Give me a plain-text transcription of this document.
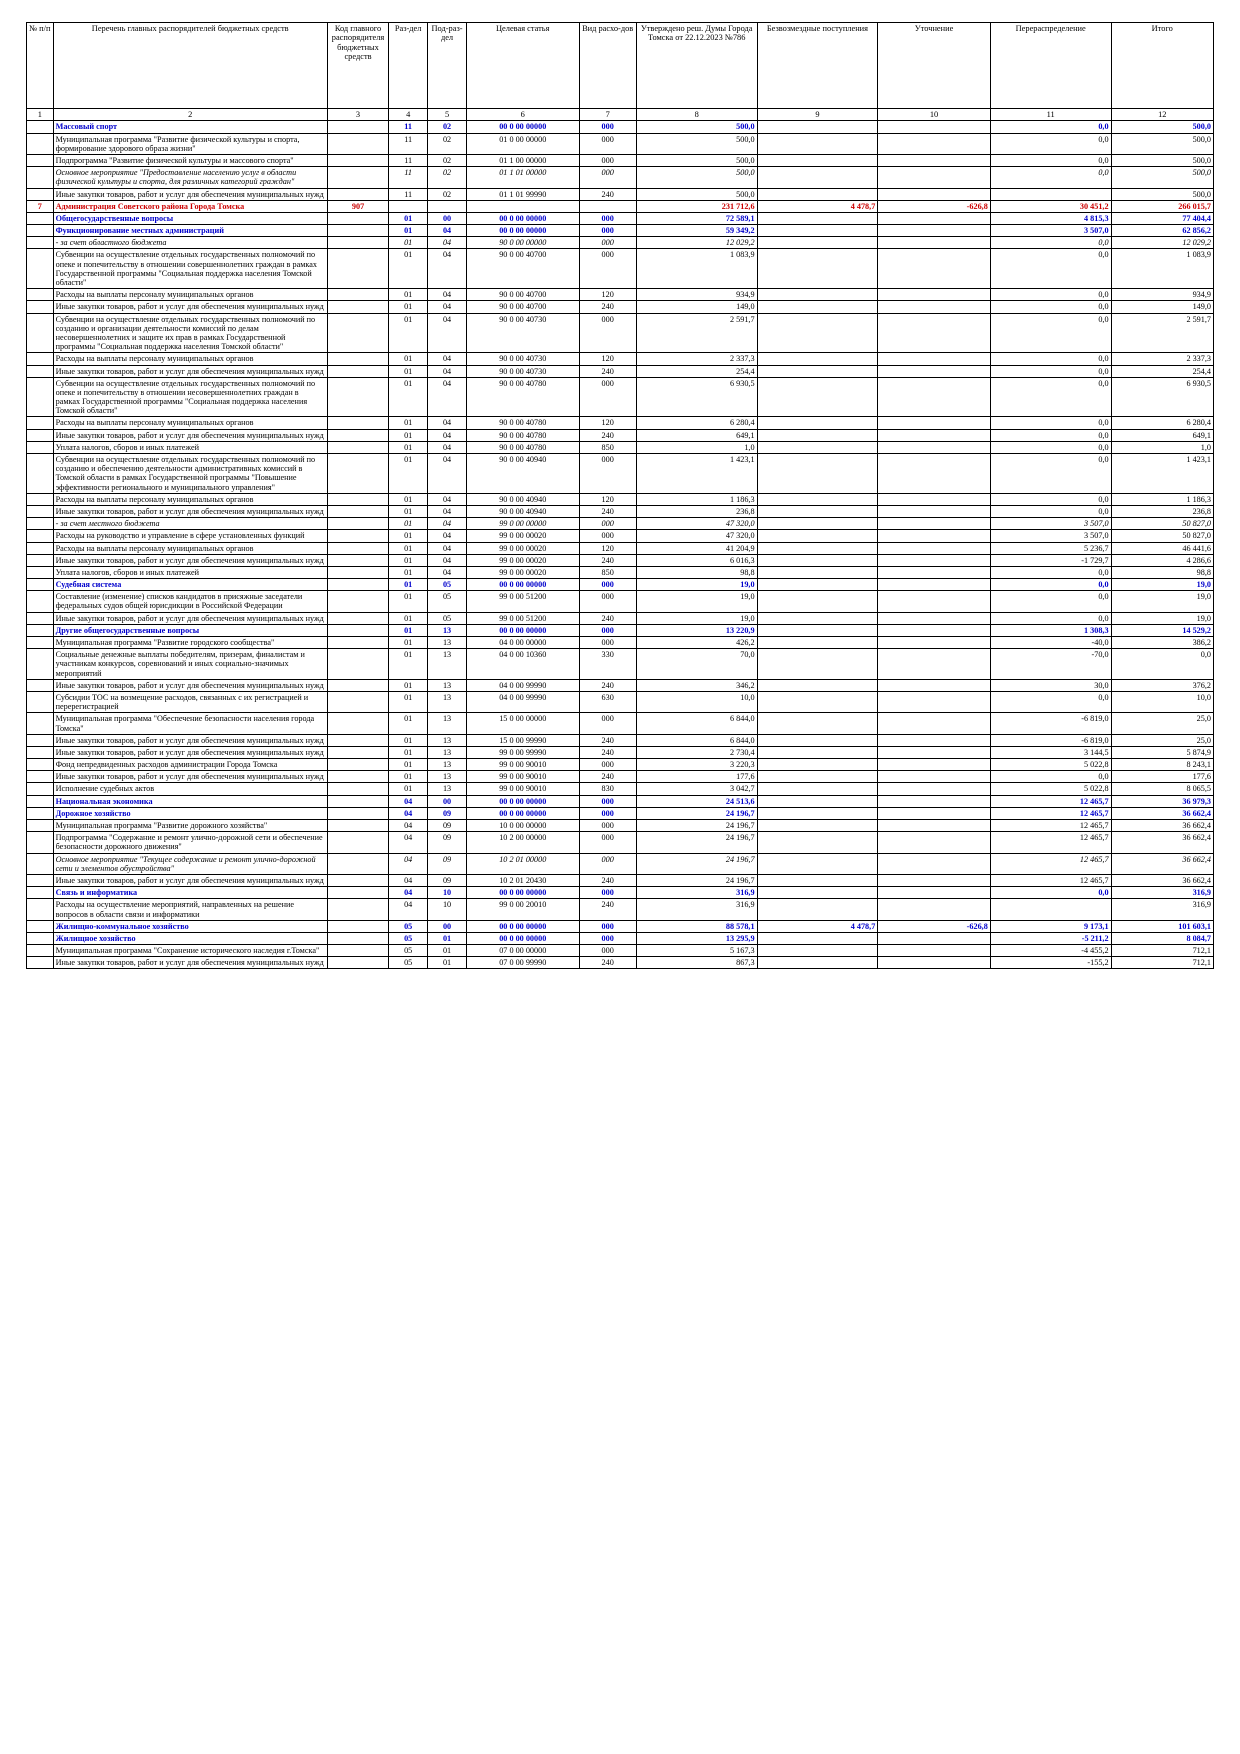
№ п/п	Перечень главных распорядителей бюджетных средств	Код главного распорядителя бюджетных средств	Раз-дел	Под-раз-дел	Целевая статья	Вид расхо-дов	Утверждено реш. Думы Города Томска от 22.12.2023 №786	Безвозмездные поступления	Уточнение	Перераспределение	Итого
1	2	3	4	5	6	7	8	9	10	11	12
	Массовый спорт		11	02	00 0 00 00000	000	500,0			0,0	500,0
	Муниципальная программа "Развитие физической культуры и спорта, формирование здорового образа жизни"		11	02	01 0 00 00000	000	500,0			0,0	500,0
	Подпрограмма "Развитие физической культуры и массового спорта"		11	02	01 1 00 00000	000	500,0			0,0	500,0
	Основное мероприятие "Предоставление населению услуг в области физической культуры и спорта, для различных категорий граждан"		11	02	01 1 01 00000	000	500,0			0,0	500,0
	Иные закупки товаров, работ и услуг для обеспечения муниципальных нужд		11	02	01 1 01 99990	240	500,0				500,0
7	Администрация Советского района Города Томска	907					231 712,6	4 478,7	-626,8	30 451,2	266 015,7
	Общегосударственные вопросы		01	00	00 0 00 00000	000	72 589,1			4 815,3	77 404,4
	Функционирование местных администраций		01	04	00 0 00 00000	000	59 349,2			3 507,0	62 856,2
	- за счет областного бюджета		01	04	90 0 00 00000	000	12 029,2			0,0	12 029,2
	Субвенции на осуществление отдельных государственных полномочий по опеке и попечительству в отношении совершеннолетних граждан в рамках Государственной программы "Социальная поддержка населения Томской области"		01	04	90 0 00 40700	000	1 083,9			0,0	1 083,9
	Расходы на выплаты персоналу муниципальных органов		01	04	90 0 00 40700	120	934,9			0,0	934,9
	Иные закупки товаров, работ и услуг для обеспечения муниципальных нужд		01	04	90 0 00 40700	240	149,0			0,0	149,0
	Субвенции на осуществление отдельных государственных полномочий по созданию и организации деятельности комиссий по делам несовершеннолетних и защите их прав в рамках Государственной программы "Социальная поддержка населения Томской области"		01	04	90 0 00 40730	000	2 591,7			0,0	2 591,7
	Расходы на выплаты персоналу муниципальных органов		01	04	90 0 00 40730	120	2 337,3			0,0	2 337,3
	Иные закупки товаров, работ и услуг для обеспечения муниципальных нужд		01	04	90 0 00 40730	240	254,4			0,0	254,4
	Субвенции на осуществление отдельных государственных полномочий по опеке и попечительству в отношении несовершеннолетних граждан в рамках Государственной программы "Социальная поддержка населения Томской области"		01	04	90 0 00 40780	000	6 930,5			0,0	6 930,5
	Расходы на выплаты персоналу муниципальных органов		01	04	90 0 00 40780	120	6 280,4			0,0	6 280,4
	Иные закупки товаров, работ и услуг для обеспечения муниципальных нужд		01	04	90 0 00 40780	240	649,1			0,0	649,1
	Уплата налогов, сборов и иных платежей		01	04	90 0 00 40780	850	1,0			0,0	1,0
	Субвенции на осуществление отдельных государственных полномочий по созданию и обеспечению деятельности административных комиссий в Томской области в рамках Государственной программы "Повышение эффективности регионального и муниципального управления"		01	04	90 0 00 40940	000	1 423,1			0,0	1 423,1
	Расходы на выплаты персоналу муниципальных органов		01	04	90 0 00 40940	120	1 186,3			0,0	1 186,3
	Иные закупки товаров, работ и услуг для обеспечения муниципальных нужд		01	04	90 0 00 40940	240	236,8			0,0	236,8
	- за счет местного бюджета		01	04	99 0 00 00000	000	47 320,0			3 507,0	50 827,0
	Расходы на руководство и управление в сфере установленных функций		01	04	99 0 00 00020	000	47 320,0			3 507,0	50 827,0
	Расходы на выплаты персоналу муниципальных органов		01	04	99 0 00 00020	120	41 204,9			5 236,7	46 441,6
	Иные закупки товаров, работ и услуг для обеспечения муниципальных нужд		01	04	99 0 00 00020	240	6 016,3			-1 729,7	4 286,6
	Уплата налогов, сборов и иных платежей		01	04	99 0 00 00020	850	98,8			0,0	98,8
	Судебная система		01	05	00 0 00 00000	000	19,0			0,0	19,0
	Составление (изменение) списков кандидатов в присяжные заседатели федеральных судов общей юрисдикции в Российской Федерации		01	05	99 0 00 51200	000	19,0			0,0	19,0
	Иные закупки товаров, работ и услуг для обеспечения муниципальных нужд		01	05	99 0 00 51200	240	19,0			0,0	19,0
	Другие общегосударственные вопросы		01	13	00 0 00 00000	000	13 220,9			1 308,3	14 529,2
	Муниципальная программа "Развитие городского сообщества"		01	13	04 0 00 00000	000	426,2			-40,0	386,2
	Социальные денежные выплаты победителям, призерам, финалистам и участникам конкурсов, соревнований и иных социально-значимых мероприятий		01	13	04 0 00 10360	330	70,0			-70,0	0,0
	Иные закупки товаров, работ и услуг для обеспечения муниципальных нужд		01	13	04 0 00 99990	240	346,2			30,0	376,2
	Субсидии ТОС на возмещение расходов, связанных с их регистрацией и перерегистрацией		01	13	04 0 00 99990	630	10,0			0,0	10,0
	Муниципальная программа "Обеспечение безопасности населения города Томска"		01	13	15 0 00 00000	000	6 844,0			-6 819,0	25,0
	Иные закупки товаров, работ и услуг для обеспечения муниципальных нужд		01	13	15 0 00 99990	240	6 844,0			-6 819,0	25,0
	Иные закупки товаров, работ и услуг для обеспечения муниципальных нужд		01	13	99 0 00 99990	240	2 730,4			3 144,5	5 874,9
	Фонд непредвиденных расходов администрации Города Томска		01	13	99 0 00 90010	000	3 220,3			5 022,8	8 243,1
	Иные закупки товаров, работ и услуг для обеспечения муниципальных нужд		01	13	99 0 00 90010	240	177,6			0,0	177,6
	Исполнение судебных актов		01	13	99 0 00 90010	830	3 042,7			5 022,8	8 065,5
	Национальная экономика		04	00	00 0 00 00000	000	24 513,6			12 465,7	36 979,3
	Дорожное хозяйство		04	09	00 0 00 00000	000	24 196,7			12 465,7	36 662,4
	Муниципальная программа "Развитие дорожного хозяйства"		04	09	10 0 00 00000	000	24 196,7			12 465,7	36 662,4
	Подпрограмма "Содержание и ремонт улично-дорожной сети и обеспечение безопасности дорожного движения"		04	09	10 2 00 00000	000	24 196,7			12 465,7	36 662,4
	Основное мероприятие "Текущее содержание и ремонт улично-дорожной сети и элементов обустройства"		04	09	10 2 01 00000	000	24 196,7			12 465,7	36 662,4
	Иные закупки товаров, работ и услуг для обеспечения муниципальных нужд		04	09	10 2 01 20430	240	24 196,7			12 465,7	36 662,4
	Связь и информатика		04	10	00 0 00 00000	000	316,9			0,0	316,9
	Расходы на осуществление мероприятий, направленных на решение вопросов в области связи и информатики		04	10	99 0 00 20010	240	316,9				316,9
	Жилищно-коммунальное хозяйство		05	00	00 0 00 00000	000	88 578,1	4 478,7	-626,8	9 173,1	101 603,1
	Жилищное хозяйство		05	01	00 0 00 00000	000	13 295,9			-5 211,2	8 084,7
	Муниципальная программа "Сохранение исторического наследия г.Томска"		05	01	07 0 00 00000	000	5 167,3			-4 455,2	712,1
	Иные закупки товаров, работ и услуг для обеспечения муниципальных нужд		05	01	07 0 00 99990	240	867,3			-155,2	712,1
